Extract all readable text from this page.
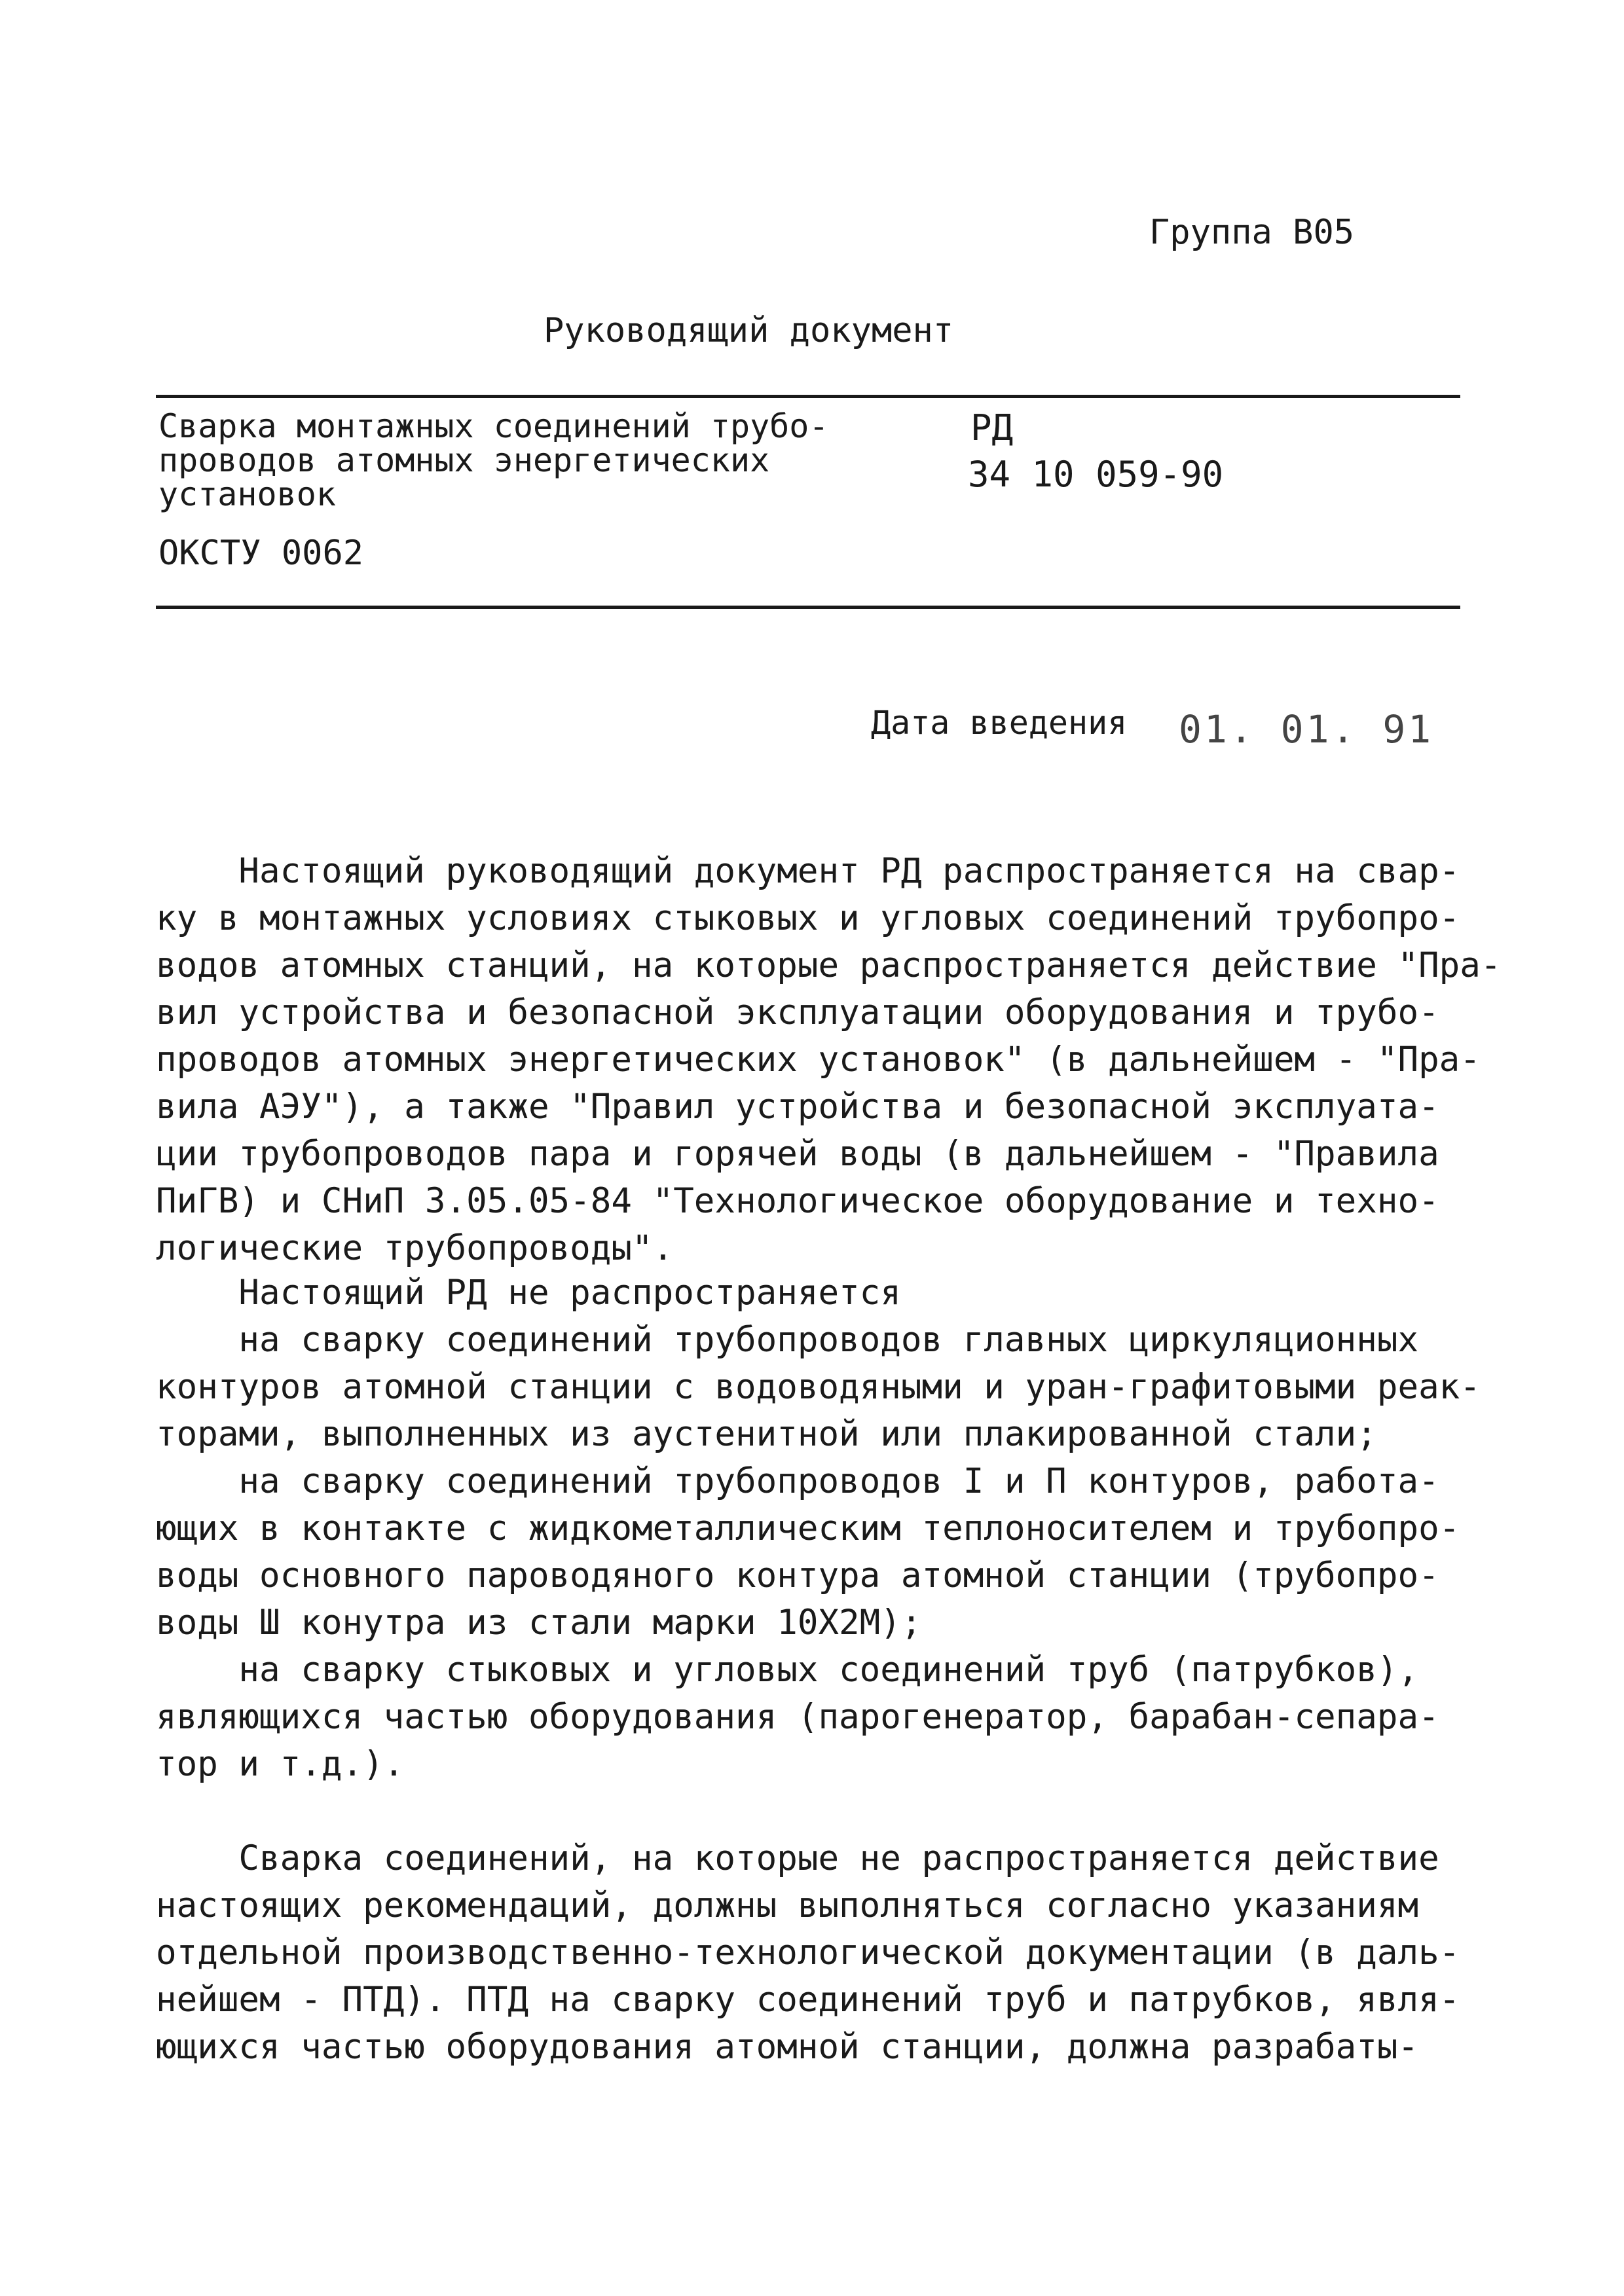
Группа В05
Руководящий документ
Сварка монтажных соединений трубо-
проводов атомных энергетических
установок
РД
34 10 059-90
ОКСТУ 0062
Дата введения 01. 01. 91
Настоящий руководящий документ РД распространяется на свар-
ку в монтажных условиях стыковых и угловых соединений трубопро-
водов атомных станций, на которые распространяется действие "Пра-
вил устройства и безопасной эксплуатации оборудования и трубо-
проводов атомных энергетических установок" (в дальнейшем - "Пра-
вила АЭУ"), а также "Правил устройства и безопасной эксплуата-
ции трубопроводов пара и горячей воды (в дальнейшем - "Правила
ПиГВ) и СНиП 3.05.05-84 "Технологическое оборудование и техно-
логические трубопроводы".
Настоящий РД не распространяется
на сварку соединений трубопроводов главных циркуляционных
контуров атомной станции с водоводяными и уран-графитовыми реак-
торами, выполненных из аустенитной или плакированной стали;
на сварку соединений трубопроводов I и П контуров, работа-
ющих в контакте с жидкометаллическим теплоносителем и трубопро-
воды основного пароводяного контура атомной станции (трубопро-
воды Ш конутра из стали марки 10Х2М);
на сварку стыковых и угловых соединений труб (патрубков),
являющихся частью оборудования (парогенератор, барабан-сепара-
тор и т.д.).
Сварка соединений, на которые не распространяется действие
настоящих рекомендаций, должны выполняться согласно указаниям
отдельной производственно-технологической документации (в даль-
нейшем - ПТД). ПТД на сварку соединений труб и патрубков, явля-
ющихся частью оборудования атомной станции, должна разрабаты-
